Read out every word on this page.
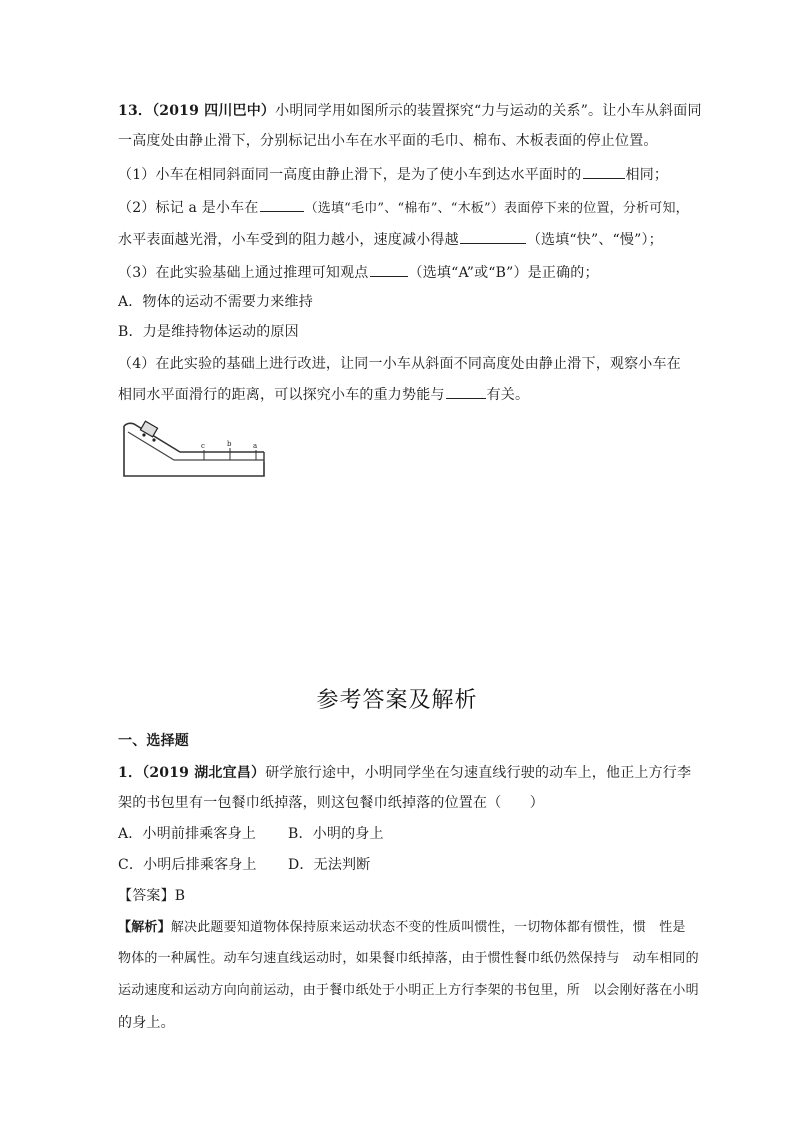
13．（2019 四川巴中）小明同学用如图所示的装置探究“力与运动的关系”。让小车从斜面同
一高度处由静止滑下，分别标记出小车在水平面的毛巾、棉布、木板表面的停止位置。
（1）小车在相同斜面同一高度由静止滑下，是为了使小车到达水平面时的	相同；
（2）标记 a 是小车在	（选填“毛巾”、“棉布”、“木板”）表面停下来的位置，分析可知，
水平表面越光滑，小车受到的阻力越小，速度减小得越	（选填“快”、“慢”）；
（3）在此实验基础上通过推理可知观点	（选填“A”或“B”）是正确的；
A．物体的运动不需要力来维持
B．力是维持物体运动的原因
（4）在此实验的基础上进行改进，让同一小车从斜面不同高度处由静止滑下，观察小车在
相同水平面滑行的距离，可以探究小车的重力势能与	有关。
c	b	a
参考答案及解析
一、选择题
1．（2019 湖北宜昌）研学旅行途中，小明同学坐在匀速直线行驶的动车上，他正上方行李
架的书包里有一包餐巾纸掉落，则这包餐巾纸掉落的位置在（　　）
A．小明前排乘客身上 B．小明的身上
C．小明后排乘客身上 D．无法判断
【答案】B
【解析】解决此题要知道物体保持原来运动状态不变的性质叫惯性，一切物体都有惯性，惯　性是
物体的一种属性。动车匀速直线运动时，如果餐巾纸掉落，由于惯性餐巾纸仍然保持与　动车相同的
运动速度和运动方向向前运动，由于餐巾纸处于小明正上方行李架的书包里，所　以会刚好落在小明
的身上。
